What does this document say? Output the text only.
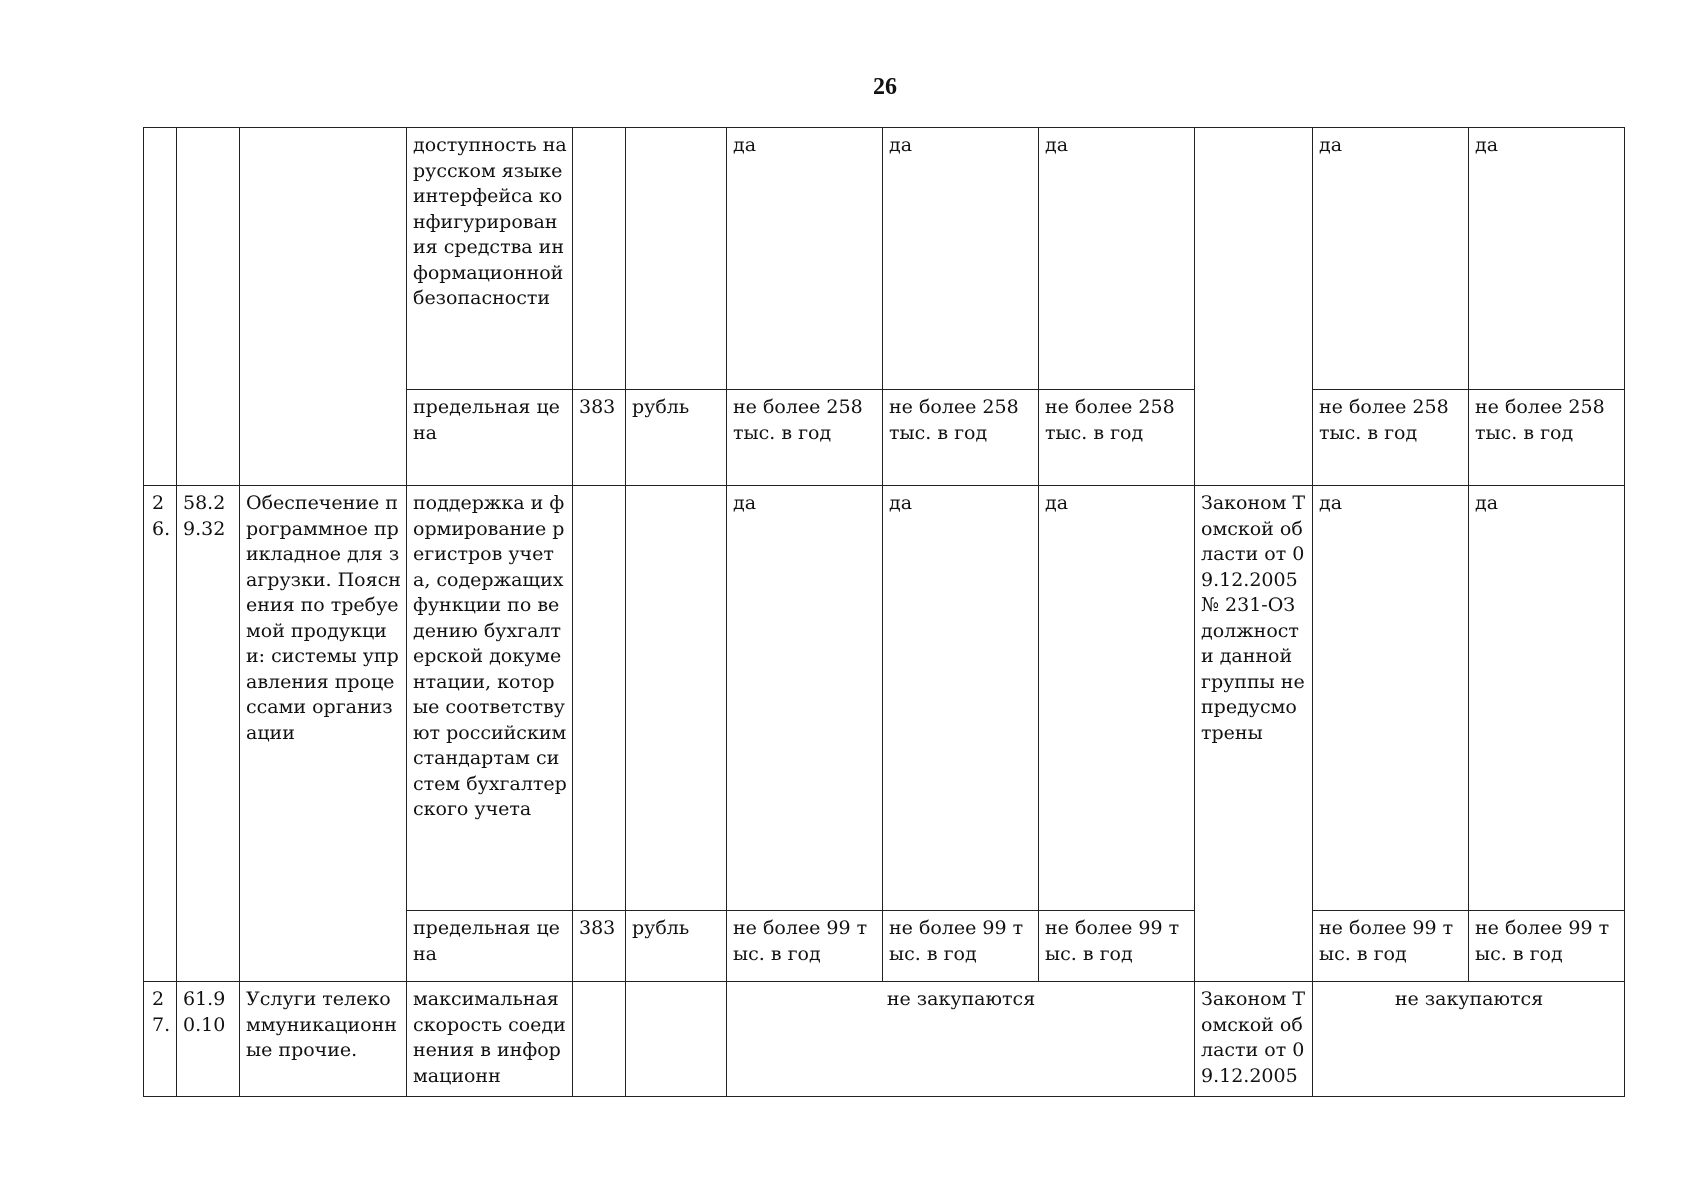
26
			доступность на русском языке интерфейса конфигурирования средства информационной безопасности			да	да	да		да	да
			предельная цена	383	рубль	не более 258 тыс. в год	не более 258 тыс. в год	не более 258 тыс. в год		не более 258 тыс. в год	не более 258 тыс. в год
26.	58.29.32	Обеспечение программное прикладное для загрузки. Пояснения по требуемой продукции: системы управления процессами организации	поддержка и формирование регистров учета, содержащих функции по ведению бухгалтерской документации, которые соответствуют российским стандартам систем бухгалтерского учета			да	да	да	Законом Томской области от 09.12.2005 № 231-ОЗ должности данной группы не предусмотрены	да	да
			предельная цена	383	рубль	не более 99 тыс. в год	не более 99 тыс. в год	не более 99 тыс. в год		не более 99 тыс. в год	не более 99 тыс. в год
27.	61.90.10	Услуги телекоммуникационные прочие.	максимальная скорость соединения в информационн			не закупаются			Законом Томской области от 09.12.2005	не закупаются	
